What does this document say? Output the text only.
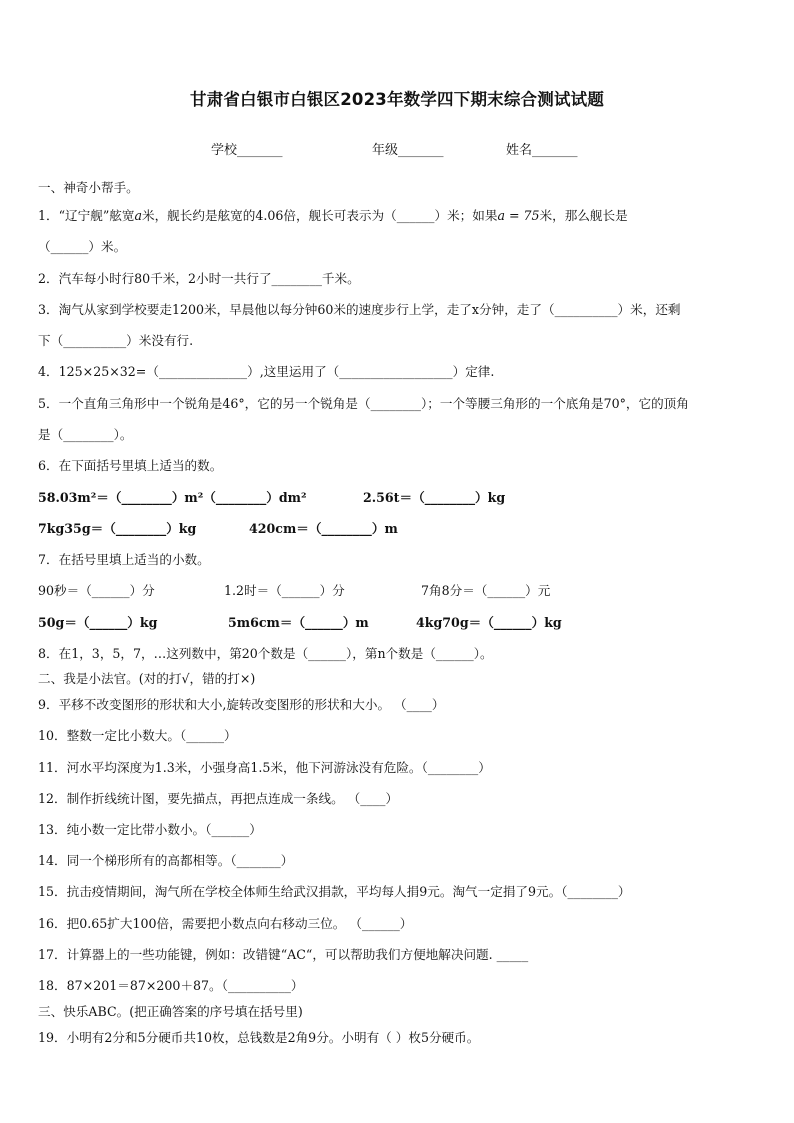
甘肃省白银市白银区2023年数学四下期末综合测试试题
学校_______	年级_______	姓名_______
一、神奇小帮手。
1．“辽宁舰”舷宽a米，舰长约是舷宽的4.06倍，舰长可表示为（______）米；如果a = 75米，那么舰长是
（______）米。
2．汽车每小时行80千米，2小时一共行了________千米。
3．淘气从家到学校要走1200米，早晨他以每分钟60米的速度步行上学，走了x分钟，走了（__________）米，还剩
下（__________）米没有行.
4．125×25×32=（______________）,这里运用了（__________________）定律.
5．一个直角三角形中一个锐角是46°，它的另一个锐角是（________）；一个等腰三角形的一个底角是70°，它的顶角
是（________）。
6．在下面括号里填上适当的数。
58.03m²＝（________）m²（________）dm²	2.56t＝（________）kg
7kg35g＝（________）kg	420cm＝（________）m
7．在括号里填上适当的小数。
90秒＝（______）分	1.2时＝（______）分	7角8分＝（______）元
50g＝（______）kg	5m6cm＝（______）m	4kg70g＝（______）kg
8．在1，3，5，7，…这列数中，第20个数是（______），第n个数是（______）。
二、我是小法官。(对的打√，错的打×)
9．平移不改变图形的形状和大小,旋转改变图形的形状和大小。 （____）
10．整数一定比小数大。（______）
11．河水平均深度为1.3米，小强身高1.5米，他下河游泳没有危险。（________）
12．制作折线统计图，要先描点，再把点连成一条线。 （____）
13．纯小数一定比带小数小。（______）
14．同一个梯形所有的高都相等。（_______）
15．抗击疫情期间，淘气所在学校全体师生给武汉捐款，平均每人捐9元。淘气一定捐了9元。（________）
16．把0.65扩大100倍，需要把小数点向右移动三位。 （______）
17．计算器上的一些功能键，例如：改错键“AC“，可以帮助我们方便地解决问题. _____
18．87×201＝87×200＋87。（__________）
三、快乐ABC。(把正确答案的序号填在括号里)
19．小明有2分和5分硬币共10枚，总钱数是2角9分。小明有（ ）枚5分硬币。
